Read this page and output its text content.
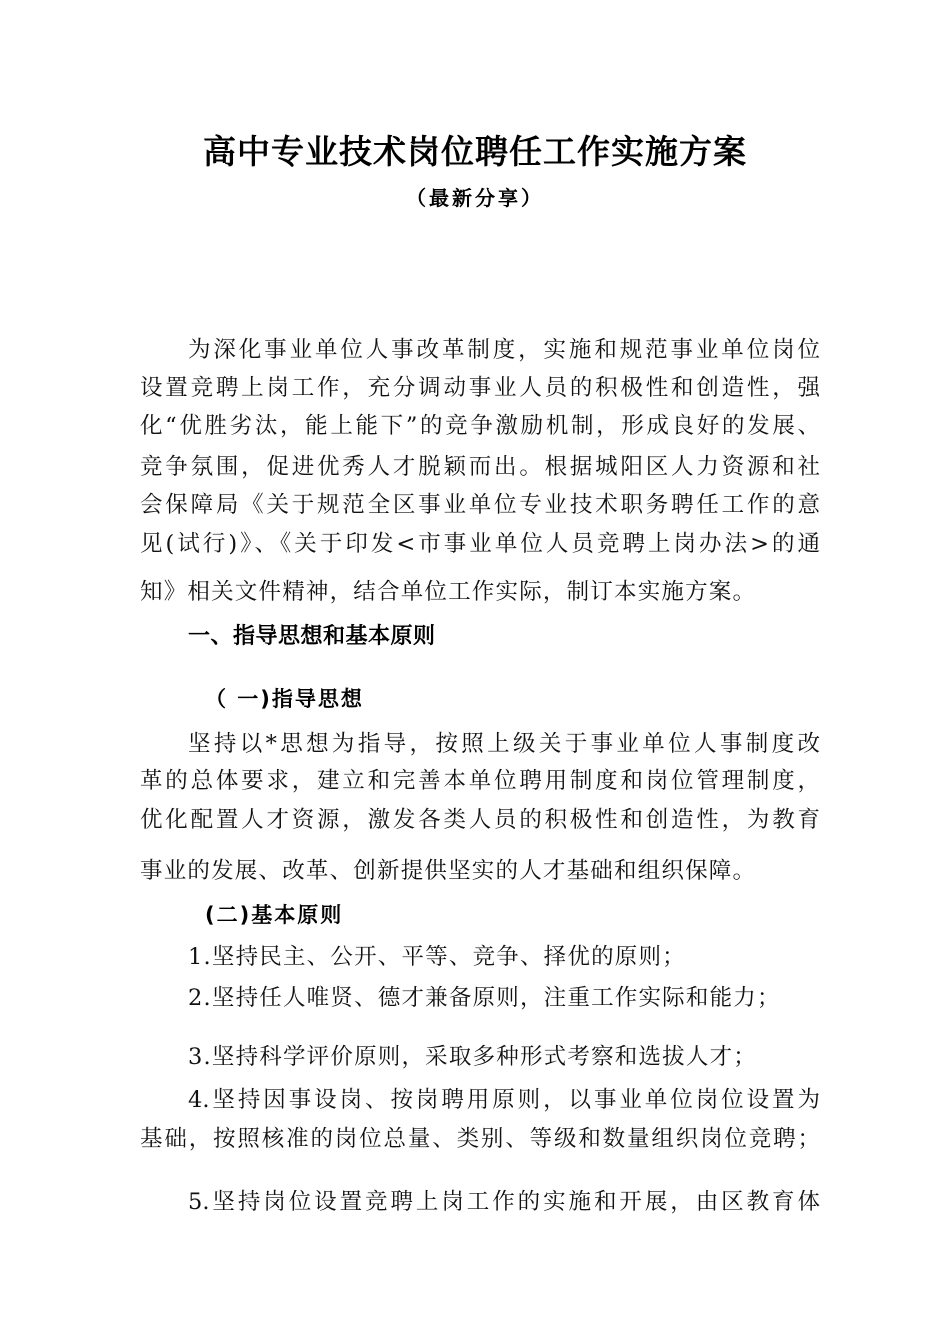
高中专业技术岗位聘任工作实施方案
（最新分享）
为深化事业单位人事改革制度，实施和规范事业单位岗位
设置竞聘上岗工作，充分调动事业人员的积极性和创造性，强
化“优胜劣汰，能上能下”的竞争激励机制，形成良好的发展、
竞争氛围，促进优秀人才脱颖而出。根据城阳区人力资源和社
会保障局《关于规范全区事业单位专业技术职务聘任工作的意
见(试行)》、《关于印发<市事业单位人员竞聘上岗办法>的通
知》相关文件精神，结合单位工作实际，制订本实施方案。
一、指导思想和基本原则
（ 一)指导思想
坚持以*思想为指导，按照上级关于事业单位人事制度改
革的总体要求，建立和完善本单位聘用制度和岗位管理制度，
优化配置人才资源，激发各类人员的积极性和创造性，为教育
事业的发展、改革、创新提供坚实的人才基础和组织保障。
(二)基本原则
1.坚持民主、公开、平等、竞争、择优的原则；
2.坚持任人唯贤、德才兼备原则，注重工作实际和能力；
3.坚持科学评价原则，采取多种形式考察和选拔人才；
4.坚持因事设岗、按岗聘用原则，以事业单位岗位设置为
基础，按照核准的岗位总量、类别、等级和数量组织岗位竞聘；
5.坚持岗位设置竞聘上岗工作的实施和开展，由区教育体
